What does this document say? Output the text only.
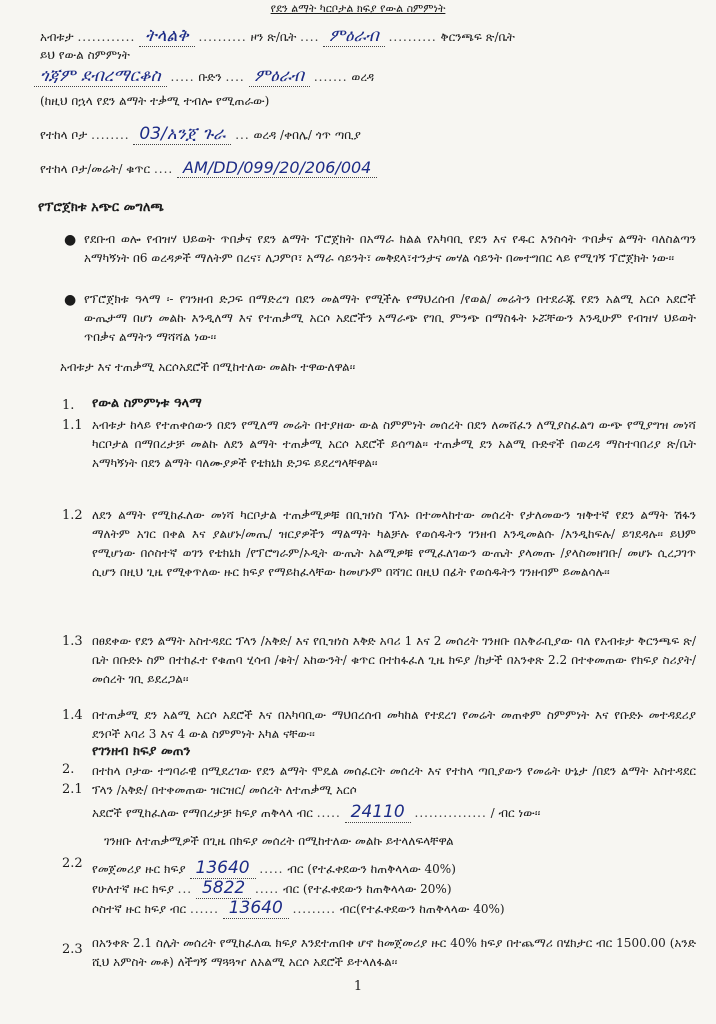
የደን ልማት ካርቦታል ክፍያ የውል ስምምነት
አብቱታ ............ ትላልቅ .......... ዞን ጽ/ቤት .... ምዕራብ .......... ቅርንጫፍ ጽ/ቤት
ይህ የውል ስምምነት
ጎጃም ደብረማርቆስ ..... ቡድን .... ምዕራብ ....... ወረዳ
(ከዚህ በኋላ የደን ልማት ተቃሚ ተብሎ የሚጠራው)
የተከላ ቦታ ........ 03/አንጀ ጉራ ... ወረዳ /ቀበሌ/ ጎጥ ጣቢያ
የተከላ ቦታ/መሬት/ ቁጥር .... AM/DD/099/20/206/004
የፕሮጀክቱ አጭር መግለጫ
● የደቡብ ወሎ የብዝሃ ህይወት ጥበቃና የደን ልማት ፕሮጀክት በአማራ ክልል የአካባቢ የደን እና የዱር እንስሳት ጥበቃና ልማት ባለስልጣን አማካኝነት በ6 ወረዳዎች ማለትም በረና፣ ለጋምቦ፣ አማራ ሳይንት፣ መቅደላ፣ተንታና መሃል ሳይንት በመተግበር ላይ የሚገኝ ፕሮጀክት ነው፡፡
● የፕሮጀክቱ ዓላማ ፡- የገንዘብ ድጋፍ በማድረግ በደን መልማት የሚችሉ የማህረሰብ /የወል/ መሬትን በተደራጁ የደን አልሚ አርሶ አደሮች ውጤታማ በሆነ መልኩ እንዲለማ እና የተጠቃሚ አርሶ አደሮችን አማራጭ የገቢ ምንጭ በማስፋት ኑሯቸውን እንዲሁም የብዝሃ ህይወት ጥበቃና ልማትን ማሻሻል ነው፡፡
አብቱታ እና ተጠቃሚ አርሶአደሮች በሚከተለው መልኩ ተዋውለዋል፡፡
1. የውል ስምምነቱ ዓላማ
1.1 አብቱታ ከላይ የተጠቀሰውን በደን የሚለማ መሬት በተያዘው ውል ስምምነት መሰረት በደን ለመሸፈን ለሚያስፈልግ ውጭ የሚያግዝ መነሻ ካርቦታል በማበረታቻ መልኩ ለደን ልማት ተጠቃሚ አርሶ አደሮች ይሰጣል፡፡ ተጠቃሚ ደን አልሚ ቡድኖች በወረዳ ማስተባበሪያ ጽ/ቤት አማካኝነት በደን ልማት ባለሙያዎች የቴክኒክ ድጋፍ ይደረግላቸዋል፡፡
1.2 ለደን ልማት የሚከፈለው መነሻ ካርቦታል ተጠቃሚዎቹ በቢዝነስ ፕላኑ በተመላከተው መሰረት የታለመውን ዝቅተኛ የደን ልማት ሽፋን ማለትም አገር በቀል እና ያልሆኑ/መጤ/ ዝርያዎችን ማልማት ካልቻሉ የወሰዱትን ገንዘብ እንዲመልሱ /እንዲከፍሉ/ ይገደዳሉ፡፡ ይህም የሚሆነው በሶስተኛ ወገን የቴክኒክ /የፕሮግራም/ኦዲት ውጤት አልሚዎቹ የሚፈለገውን ውጤት ያላመጡ /ያላስመዘገቡ/ መሆኑ ሲረጋገጥ ሲሆን በዚህ ጊዜ የሚቀጥለው ዙር ክፍያ የማይከፈላቸው ከመሆኑም በሻገር በዚህ በፊት የወሰዱትን ገንዘብም ይመልሳሉ፡፡
1.3 በፀደቀው የደን ልማት አስተዳደር ፕላን /አቅድ/ እና የቢዝነስ እቅድ አባሪ 1 እና 2 መሰረት ገንዘቡ በአቅራቢያው ባለ የአብቱታ ቅርንጫፍ ጽ/ቤት በቡድኑ ስም በተከፈተ የቁጠባ ሂሳብ /ቁት/ አከውንት/ ቁጥር በተከፋፈለ ጊዜ ክፍያ /ከታች በአንቀጽ 2.2 በተቀመጠው የክፍያ ስሪያት/ መሰረት ገቢ ይደረጋል፡፡
1.4 በተጠቃሚ ደን አልሚ አርሶ አደሮች እና በአካባቢው ማህበረሰብ መካከል የተደረገ የመሬት መጠቀም ስምምነት እና የቡድኑ መተዳደሪያ ደንቦች አባሪ 3 እና 4 ውል ስምምነት አካል ናቸው፡፡
2.
የገንዘብ ክፍያ መጠን
2.1
በተከላ ቦታው ተግባራዊ በሚደረገው የደን ልማት ሞዴል መሰፈርት መሰረት እና የተከላ ጣቢያውን የመሬት ሁኔታ /በደን ልማት አስተዳደር ፕላን /አቅድ/ በተቀመጠው ዝርዝር/ መሰረት ለተጠቃሚ አርሶ
አደሮች የሚከፈለው የማበረታቻ ክፍያ ጠቅላላ ብር ..... 24110 ............... / ብር ነው፡፡
2.2
ገንዘቡ ለተጠቃሚዎች በጊዜ በክፍያ መሰረት በሚከተለው መልኩ ይተላለፍላቸዋል
የመጀመሪያ ዙር ክፍያ 13640 ..... ብር (የተፈቀደውን ከጠቅላላው 40%)
የሁለተኛ ዙር ክፍያ ... 5822 ..... ብር (የተፈቀደውን ከጠቅላላው 20%)
ሶስተኛ ዙር ክፍያ ብር ...... 13640 ......... ብር(የተፈቀደውን ከጠቅላላው 40%)
2.3 በአንቀጽ 2.1 ስሌት መሰረት የሚከፈለዉ ክፍያ እንደተጠበቀ ሆኖ ከመጀመሪያ ዙር 40% ክፍያ በተጨማሪ በሄክታር ብር 1500.00 (አንድ ሺህ አምስት መቶ) ለችግኝ ማጓጓዣ ለአልሚ አርሶ አደሮች ይተላለፋል፡፡
1
